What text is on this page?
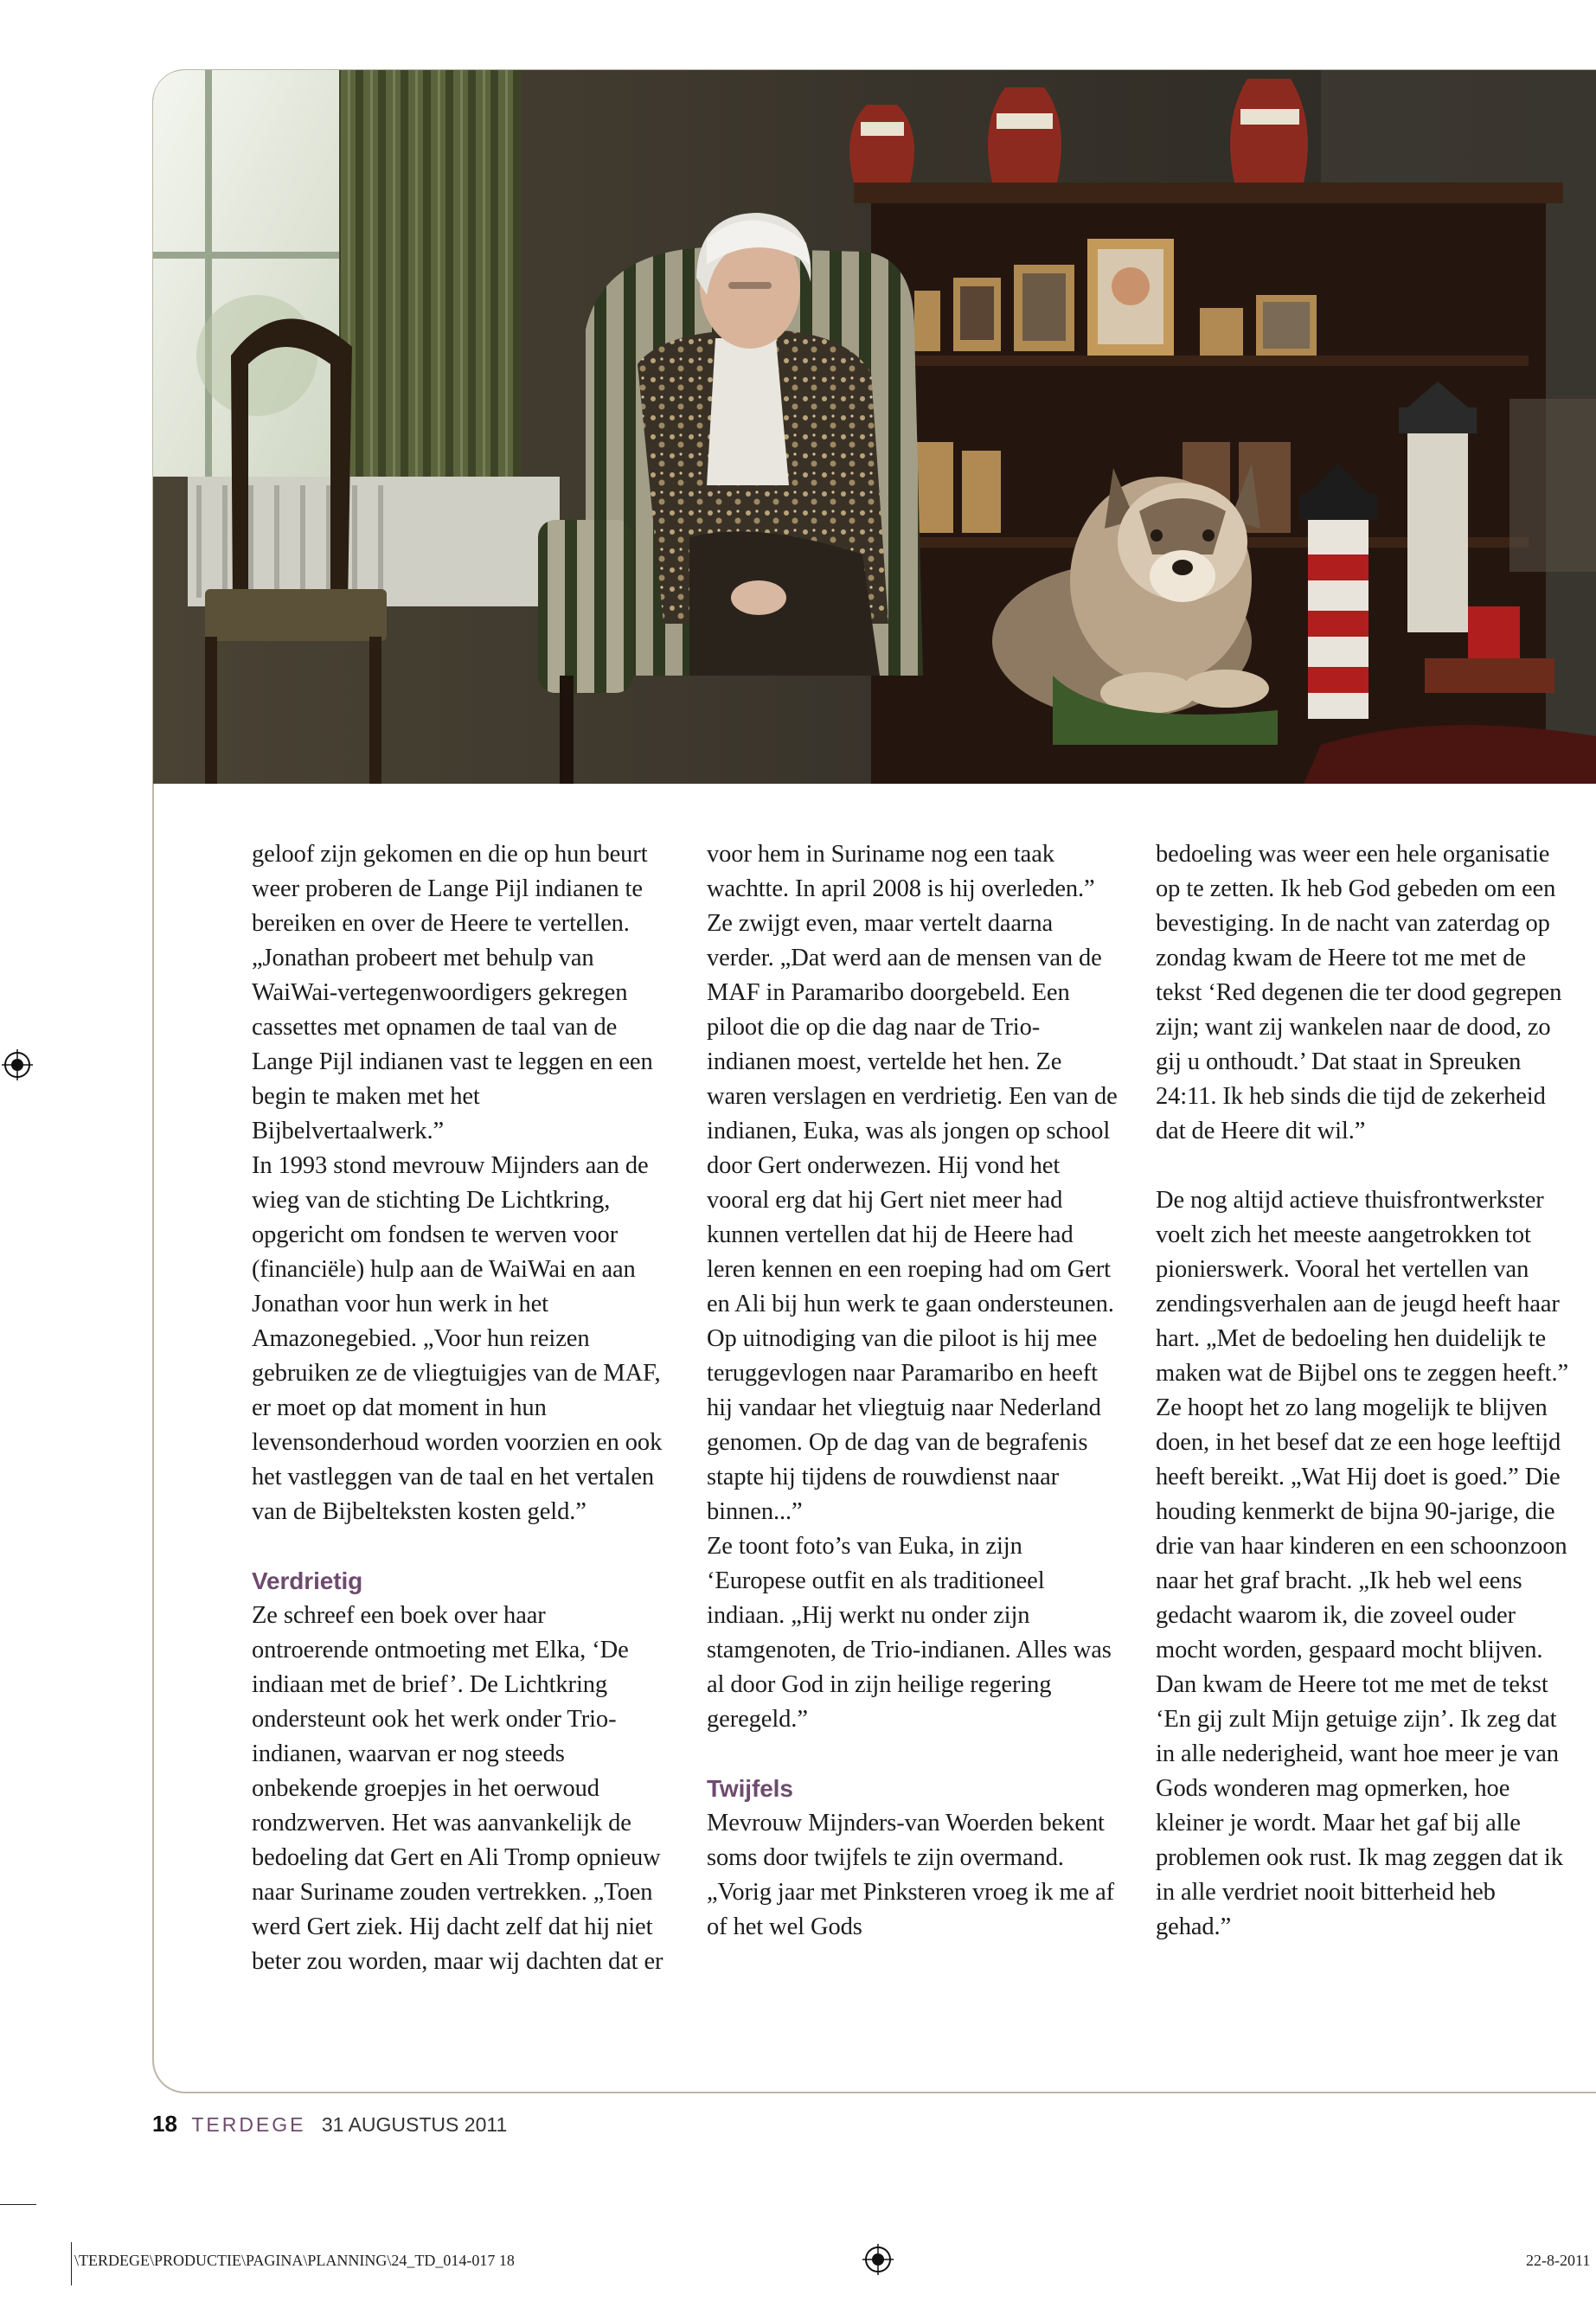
geloof zijn gekomen en die op hun beurt weer proberen de Lange Pijl indianen te bereiken en over de Heere te vertellen. „Jonathan probeert met behulp van WaiWai-vertegenwoordigers gekregen cassettes met opnamen de taal van de Lange Pijl indianen vast te leggen en een begin te maken met het Bijbelvertaalwerk.”

In 1993 stond mevrouw Mijnders aan de wieg van de stichting De Lichtkring, opgericht om fondsen te werven voor (financiële) hulp aan de WaiWai en aan Jonathan voor hun werk in het Amazonegebied. „Voor hun reizen gebruiken ze de vliegtuigjes van de MAF, er moet op dat moment in hun levensonderhoud worden voorzien en ook het vastleggen van de taal en het vertalen van de Bijbelteksten kosten geld.”

Verdrietig

Ze schreef een boek over haar ontroerende ontmoeting met Elka, ‘De indiaan met de brief’. De Lichtkring ondersteunt ook het werk onder Trio-indianen, waarvan er nog steeds onbekende groepjes in het oerwoud rondzwerven. Het was aanvankelijk de bedoeling dat Gert en Ali Tromp opnieuw naar Suriname zouden vertrekken. „Toen werd Gert ziek. Hij dacht zelf dat hij niet beter zou worden, maar wij dachten dat er

voor hem in Suriname nog een taak wachtte. In april 2008 is hij overleden.”

Ze zwijgt even, maar vertelt daarna verder. „Dat werd aan de mensen van de MAF in Paramaribo doorgebeld. Een piloot die op die dag naar de Trio-indianen moest, vertelde het hen. Ze waren verslagen en verdrietig. Een van de indianen, Euka, was als jongen op school door Gert onderwezen. Hij vond het vooral erg dat hij Gert niet meer had kunnen vertellen dat hij de Heere had leren kennen en een roeping had om Gert en Ali bij hun werk te gaan ondersteunen. Op uitnodiging van die piloot is hij mee teruggevlogen naar Paramaribo en heeft hij vandaar het vliegtuig naar Nederland genomen. Op de dag van de begrafenis stapte hij tijdens de rouwdienst naar binnen...”

Ze toont foto’s van Euka, in zijn ‘Europese outfit en als traditioneel indiaan. „Hij werkt nu onder zijn stamgenoten, de Trio-indianen. Alles was al door God in zijn heilige regering geregeld.”

Twijfels

Mevrouw Mijnders-van Woerden bekent soms door twijfels te zijn overmand. „Vorig jaar met Pinksteren vroeg ik me af of het wel Gods

bedoeling was weer een hele organisatie op te zetten. Ik heb God gebeden om een bevestiging. In de nacht van zaterdag op zondag kwam de Heere tot me met de tekst ‘Red degenen die ter dood gegrepen zijn; want zij wankelen naar de dood, zo gij u onthoudt.’ Dat staat in Spreuken 24:11. Ik heb sinds die tijd de zekerheid dat de Heere dit wil.”

De nog altijd actieve thuisfrontwerkster voelt zich het meeste aangetrokken tot pionierswerk. Vooral het vertellen van zendingsverhalen aan de jeugd heeft haar hart. „Met de bedoeling hen duidelijk te maken wat de Bijbel ons te zeggen heeft.”

Ze hoopt het zo lang mogelijk te blijven doen, in het besef dat ze een hoge leeftijd heeft bereikt. „Wat Hij doet is goed.” Die houding kenmerkt de bijna 90-jarige, die drie van haar kinderen en een schoonzoon naar het graf bracht. „Ik heb wel eens gedacht waarom ik, die zoveel ouder mocht worden, gespaard mocht blijven. Dan kwam de Heere tot me met de tekst ‘En gij zult Mijn getuige zijn’. Ik zeg dat in alle nederigheid, want hoe meer je van Gods wonderen mag opmerken, hoe kleiner je wordt. Maar het gaf bij alle problemen ook rust. Ik mag zeggen dat ik in alle verdriet nooit bitterheid heb gehad.”

18 TERDEGE 31 AUGUSTUS 2011
\TERDEGE\PRODUCTIE\PAGINA\PLANNING\24_TD_014-017 18	22-8-2011
